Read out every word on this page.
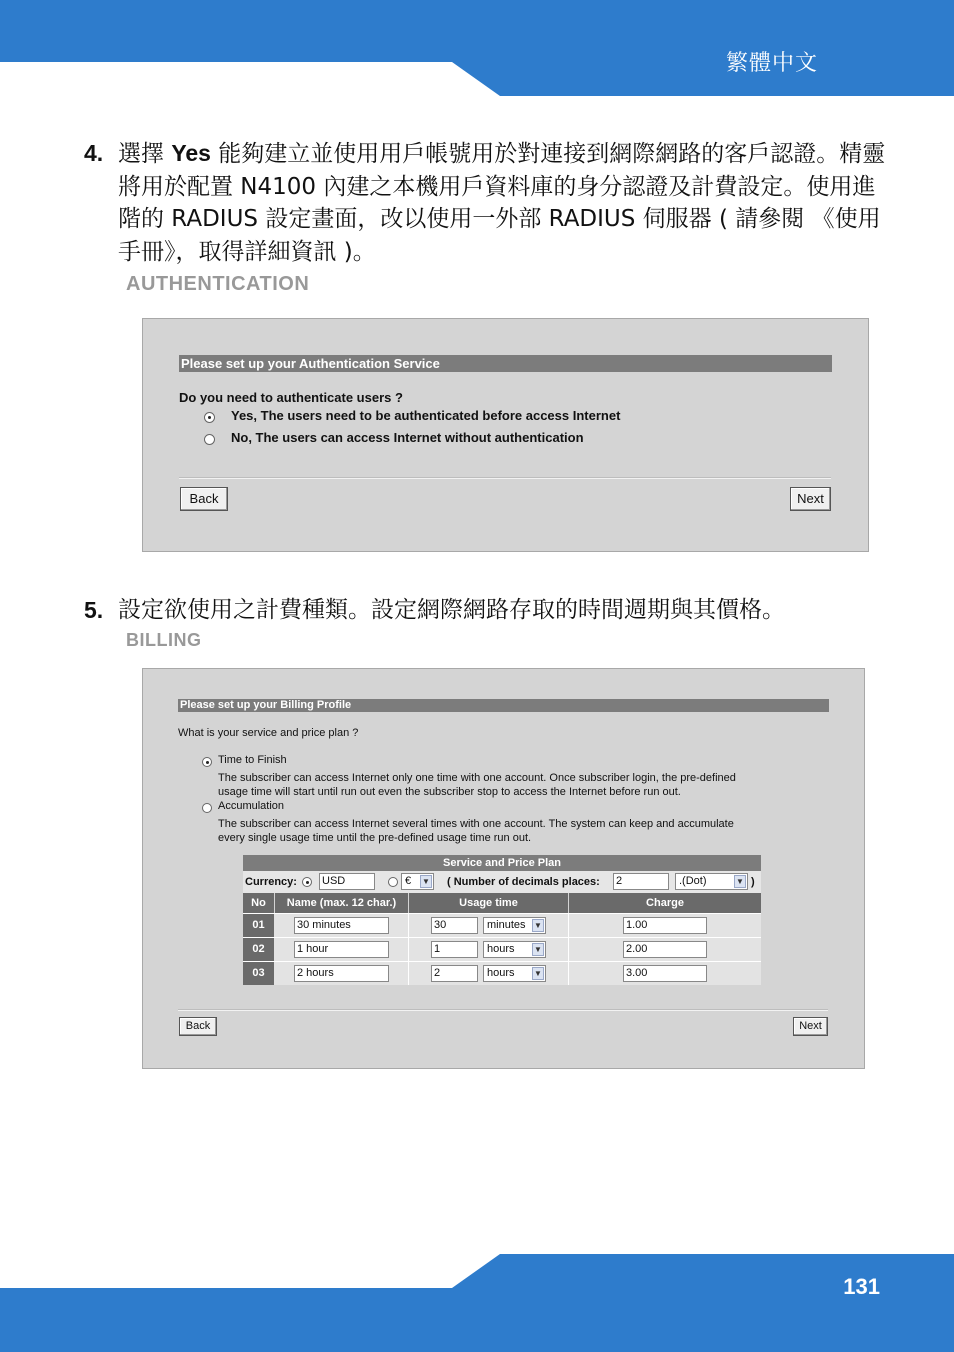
繁體中文
4. 選擇 Yes 能夠建立並使用用戶帳號用於對連接到網際網路的客戶認證。精靈將用於配置 N4100 內建之本機用戶資料庫的身分認證及計費設定。使用進階的 RADIUS 設定畫面，改以使用一外部 RADIUS 伺服器 ( 請參閱 《使用手冊》，取得詳細資訊 )。
AUTHENTICATION
Please set up your Authentication Service
Do you need to authenticate users ?
Yes, The users need to be authenticated before access Internet
No, The users can access Internet without authentication
Back	Next
5. 設定欲使用之計費種類。設定網際網路存取的時間週期與其價格。
BILLING
Please set up your Billing Profile
What is your service and price plan ?
Time to Finish
The subscriber can access Internet only one time with one account. Once subscriber login, the pre-defined
usage time will start until run out even the subscriber stop to access the Internet before run out.
Accumulation
The subscriber can access Internet several times with one account. The system can keep and accumulate
every single usage time until the pre-defined usage time run out.
Service and Price Plan
Currency: USD	€ ▼ ( Number of decimals places: 2	.(Dot)	▼ )
No	Name (max. 12 char.)	Usage time	Charge
01	30 minutes	30	minutes ▼	1.00
02	1 hour	1	hours ▼	2.00
03	2 hours	2	hours ▼	3.00
Back	Next
131
